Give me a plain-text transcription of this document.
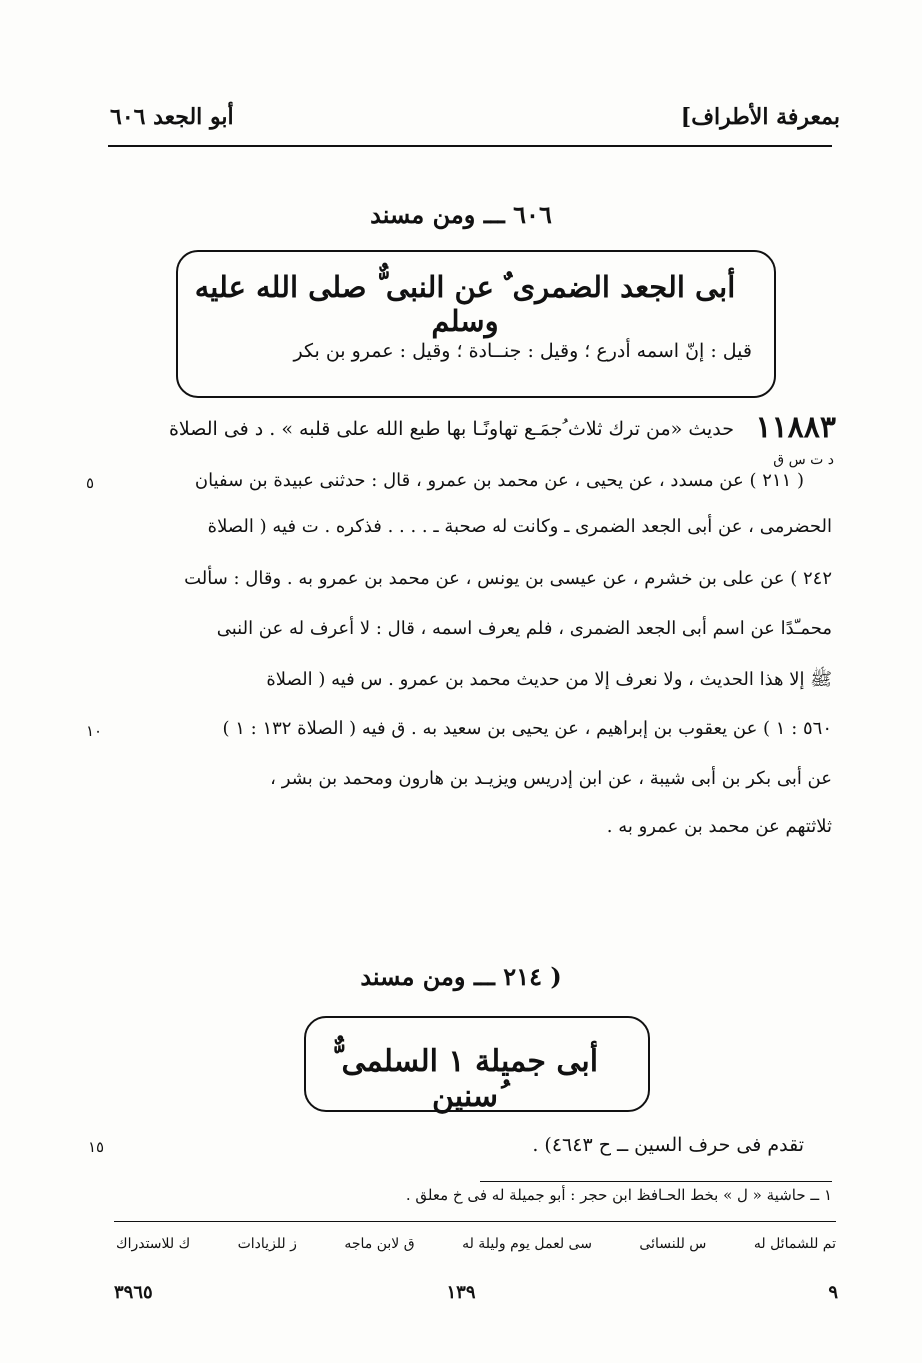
بمعرفة الأطراف]
أبو الجعد ٦٠٦
٦٠٦ ـــ ومن مسند
أبى الجعد الضمرى ٌ عن النبى ٌّ صلى الله عليه وسلم
قيل : إنّ اسمه أدرع ؛ وقيل : جنــادة ؛ وقيل : عمرو بن بكر
١١٨٨٣
حديث «من ترك ثلاث ُجمَـع تهاونًـا بها طبع الله على قلبه » . د فى الصلاة
د ت س ق
( ٢١١ ) عن مسدد ، عن يحيى ، عن محمد بن عمرو ، قال : حدثنى عبيدة بن سفيان
الحضرمى ، عن أبى الجعد الضمرى ـ وكانت له صحبة ـ . . . . فذكره . ت فيه ( الصلاة
٢٤٢ ) عن على بن خشرم ، عن عيسى بن يونس ، عن محمد بن عمرو به . وقال : سألت
محمـّدًا عن اسم أبى الجعد الضمرى ، فلم يعرف اسمه ، قال : لا أعرف له عن النبى
ﷺ إلا هذا الحديث ، ولا نعرف إلا من حديث محمد بن عمرو . س فيه ( الصلاة
٥٦٠ : ١ ) عن يعقوب بن إبراهيم ، عن يحيى بن سعيد به . ق فيه ( الصلاة ١٣٢ : ١ )
عن أبى بكر بن أبى شيبة ، عن ابن إدريس ويزيـد بن هارون ومحمد بن بشر ،
ثلاثتهم عن محمد بن عمرو به .
٥
١٠
( ٢١٤ ـــ ومن مسند
أبى جميلة ١ السلمى ٌّ ُسنين
تقدم فى حرف السين ــ ح ٤٦٤٣) .
١٥
١ ــ حاشية « ل » بخط الحـافظ ابن حجر : أبو جميلة له فى خ معلق .
تم للشمائل له
س للنسائى
سى لعمل يوم وليلة له
ق لابن ماجه
ز للزيادات
ك للاستدراك
٩
١٣٩
٣٩٦٥
